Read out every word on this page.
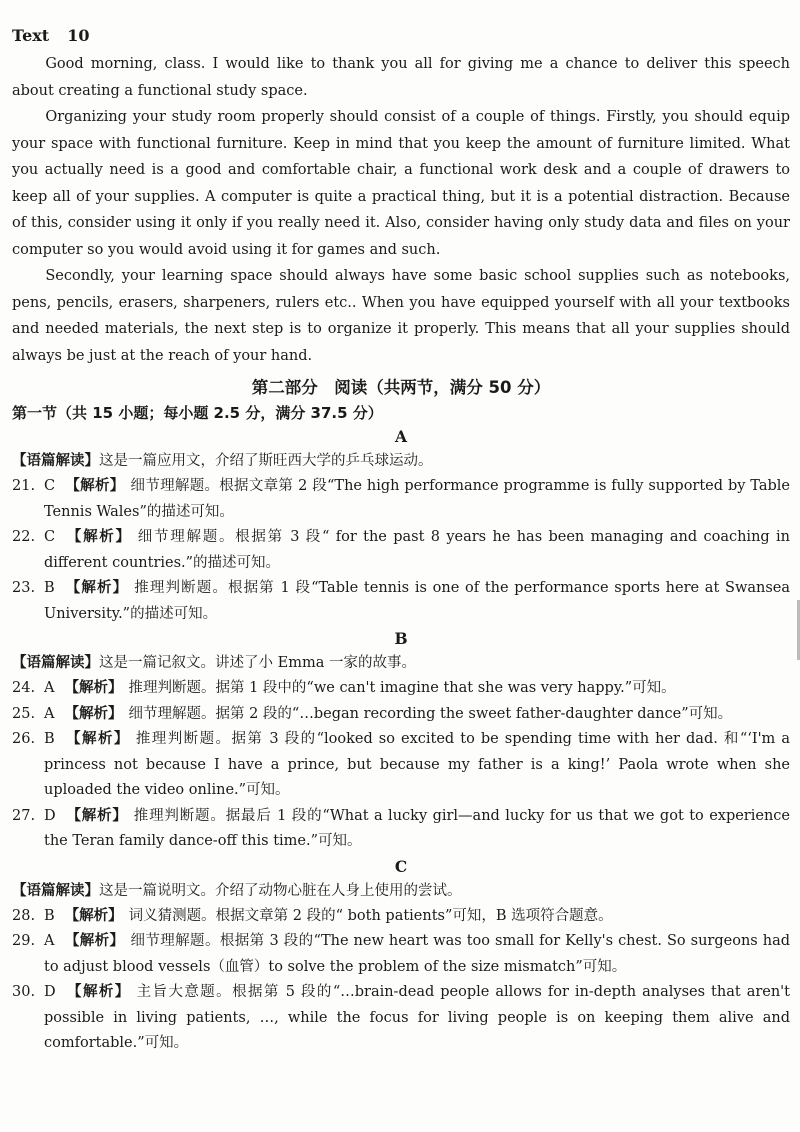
Text 10

Good morning, class. I would like to thank you all for giving me a chance to deliver this speech about creating a functional study space.

Organizing your study room properly should consist of a couple of things. Firstly, you should equip your space with functional furniture. Keep in mind that you keep the amount of furniture limited. What you actually need is a good and comfortable chair, a functional work desk and a couple of drawers to keep all of your supplies. A computer is quite a practical thing, but it is a potential distraction. Because of this, consider using it only if you really need it. Also, consider having only study data and files on your computer so you would avoid using it for games and such.

Secondly, your learning space should always have some basic school supplies such as notebooks, pens, pencils, erasers, sharpeners, rulers etc.. When you have equipped yourself with all your textbooks and needed materials, the next step is to organize it properly. This means that all your supplies should always be just at the reach of your hand.

第二部分　阅读（共两节，满分 50 分）
第一节（共 15 小题；每小题 2.5 分，满分 37.5 分）
A
【语篇解读】这是一篇应用文，介绍了斯旺西大学的乒乓球运动。
21. C 【解析】 细节理解题。根据文章第 2 段“The high performance programme is fully supported by Table Tennis Wales”的描述可知。
22. C 【解析】 细节理解题。根据第 3 段“ for the past 8 years he has been managing and coaching in different countries.”的描述可知。
23. B 【解析】 推理判断题。根据第 1 段“Table tennis is one of the performance sports here at Swansea University.”的描述可知。
B
【语篇解读】这是一篇记叙文。讲述了小 Emma 一家的故事。
24. A 【解析】 推理判断题。据第 1 段中的“we can't imagine that she was very happy.”可知。
25. A 【解析】 细节理解题。据第 2 段的“…began recording the sweet father-daughter dance”可知。
26. B 【解析】 推理判断题。据第 3 段的“looked so excited to be spending time with her dad. 和“‘I'm a princess not because I have a prince, but because my father is a king!’ Paola wrote when she uploaded the video online.”可知。
27. D 【解析】 推理判断题。据最后 1 段的“What a lucky girl—and lucky for us that we got to experience the Teran family dance-off this time.”可知。
C
【语篇解读】这是一篇说明文。介绍了动物心脏在人身上使用的尝试。
28. B 【解析】 词义猜测题。根据文章第 2 段的“ both patients”可知，B 选项符合题意。
29. A 【解析】 细节理解题。根据第 3 段的“The new heart was too small for Kelly's chest. So surgeons had to adjust blood vessels（血管）to solve the problem of the size mismatch”可知。
30. D 【解析】 主旨大意题。根据第 5 段的“…brain-dead people allows for in-depth analyses that aren't possible in living patients, …, while the focus for living people is on keeping them alive and comfortable.”可知。
